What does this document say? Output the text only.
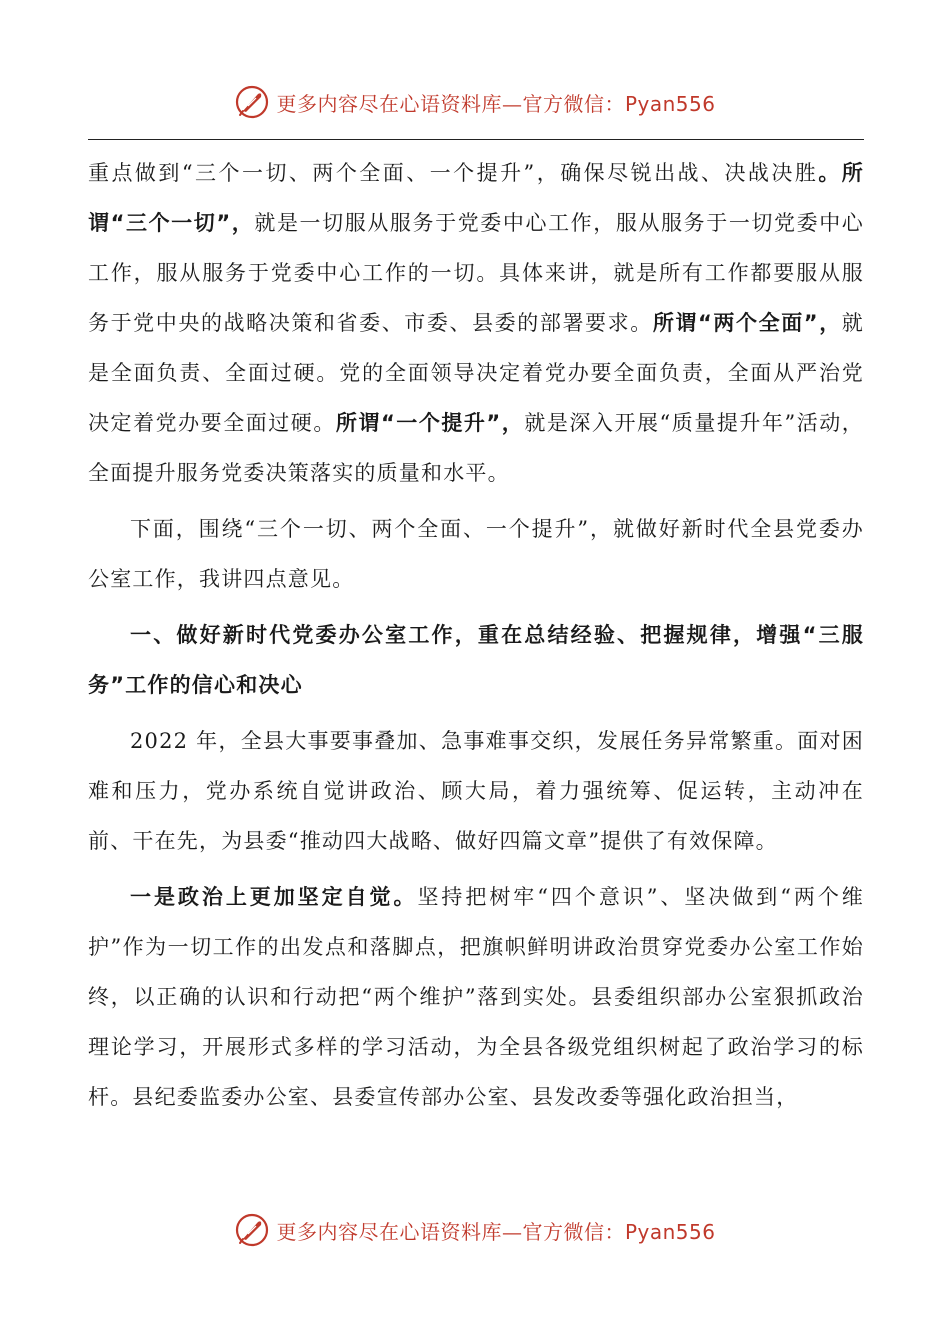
更多内容尽在心语资料库—官方微信：Pyan556

重点做到“三个一切、两个全面、一个提升”，确保尽锐出战、决战决胜。所谓“三个一切”，就是一切服从服务于党委中心工作，服从服务于一切党委中心工作，服从服务于党委中心工作的一切。具体来讲，就是所有工作都要服从服务于党中央的战略决策和省委、市委、县委的部署要求。所谓“两个全面”，就是全面负责、全面过硬。党的全面领导决定着党办要全面负责，全面从严治党决定着党办要全面过硬。所谓“一个提升”，就是深入开展“质量提升年”活动，全面提升服务党委决策落实的质量和水平。

下面，围绕“三个一切、两个全面、一个提升”，就做好新时代全县党委办公室工作，我讲四点意见。

一、做好新时代党委办公室工作，重在总结经验、把握规律，增强“三服务”工作的信心和决心

2022 年，全县大事要事叠加、急事难事交织，发展任务异常繁重。面对困难和压力，党办系统自觉讲政治、顾大局，着力强统筹、促运转，主动冲在前、干在先，为县委“推动四大战略、做好四篇文章”提供了有效保障。

一是政治上更加坚定自觉。坚持把树牢“四个意识”、坚决做到“两个维护”作为一切工作的出发点和落脚点，把旗帜鲜明讲政治贯穿党委办公室工作始终，以正确的认识和行动把“两个维护”落到实处。县委组织部办公室狠抓政治理论学习，开展形式多样的学习活动，为全县各级党组织树起了政治学习的标杆。县纪委监委办公室、县委宣传部办公室、县发改委等强化政治担当，

更多内容尽在心语资料库—官方微信：Pyan556
